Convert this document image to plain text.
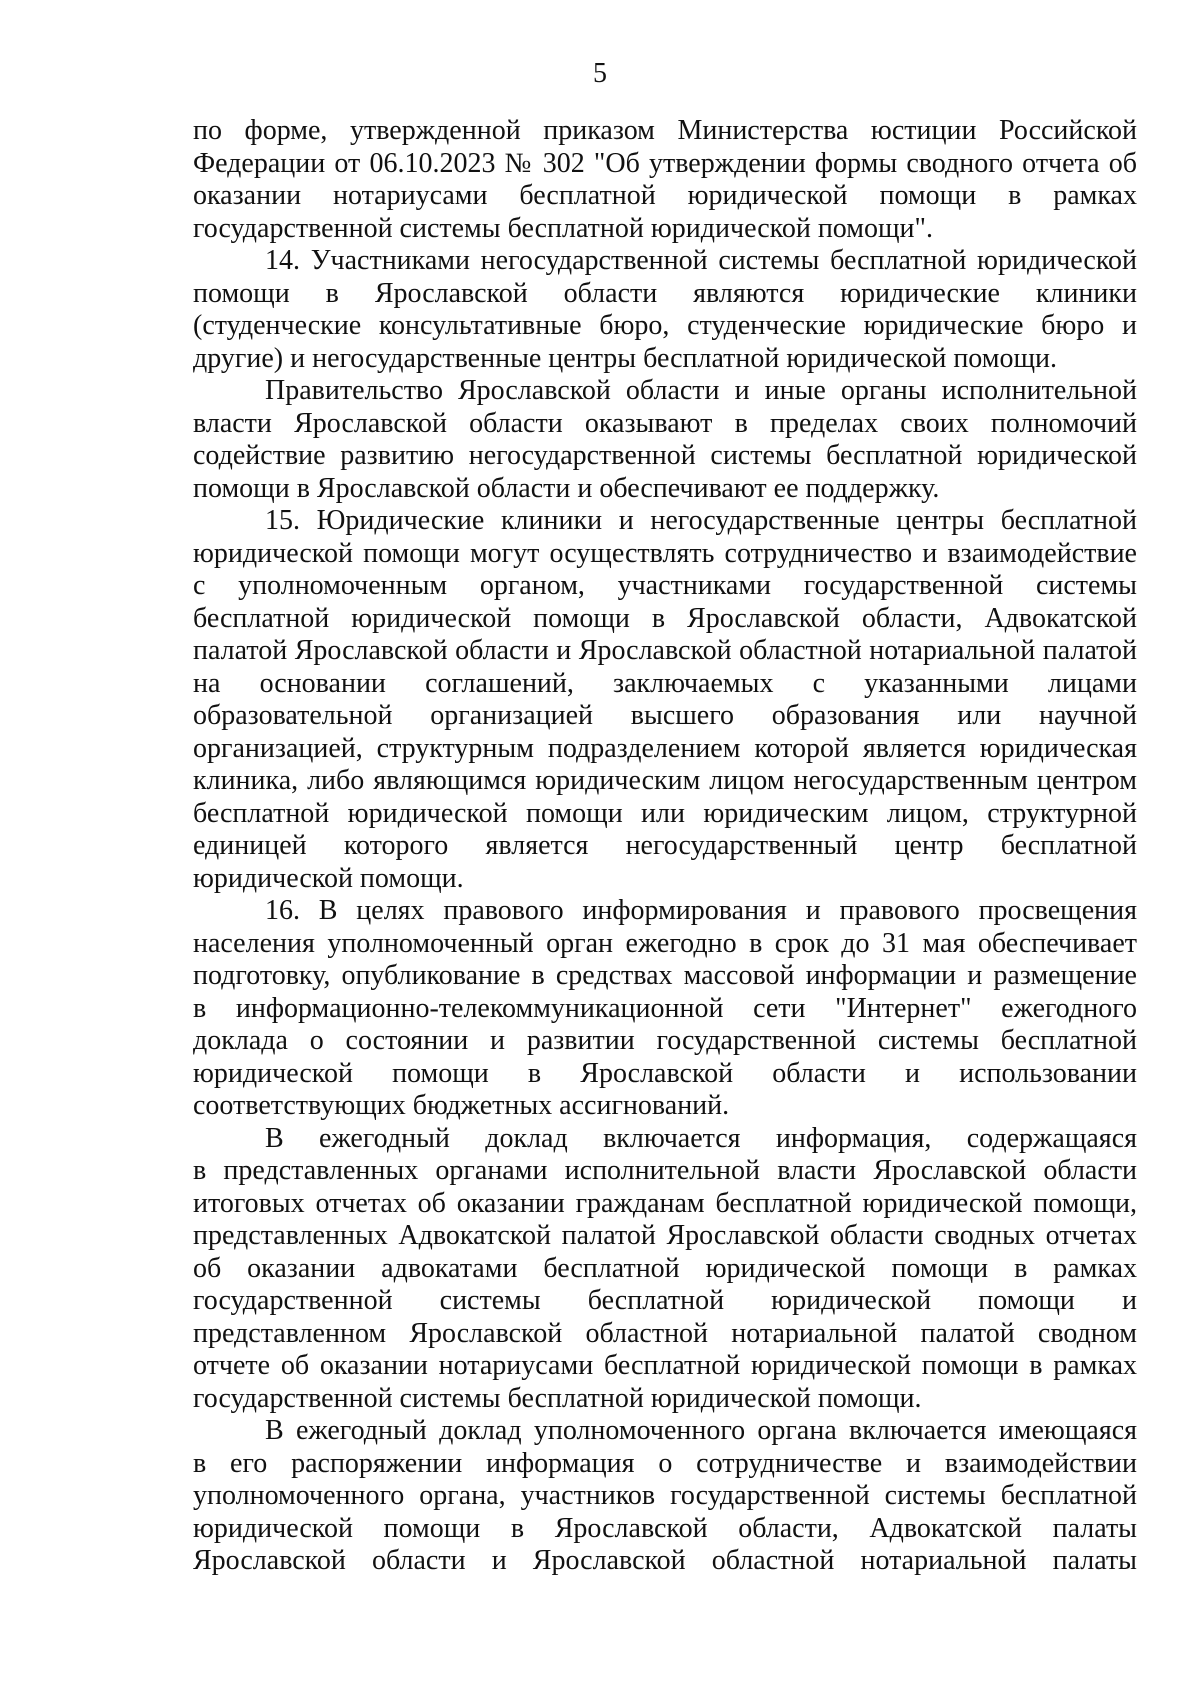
5
по форме, утвержденной приказом Министерства юстиции Российской
Федерации от 06.10.2023 № 302 "Об утверждении формы сводного отчета об
оказании нотариусами бесплатной юридической помощи в рамках
государственной системы бесплатной юридической помощи".
14. Участниками негосударственной системы бесплатной юридической
помощи в Ярославской области являются юридические клиники
(студенческие консультативные бюро, студенческие юридические бюро и
другие) и негосударственные центры бесплатной юридической помощи.
Правительство Ярославской области и иные органы исполнительной
власти Ярославской области оказывают в пределах своих полномочий
содействие развитию негосударственной системы бесплатной юридической
помощи в Ярославской области и обеспечивают ее поддержку.
15. Юридические клиники и негосударственные центры бесплатной
юридической помощи могут осуществлять сотрудничество и взаимодействие
с уполномоченным органом, участниками государственной системы
бесплатной юридической помощи в Ярославской области, Адвокатской
палатой Ярославской области и Ярославской областной нотариальной палатой
на основании соглашений, заключаемых с указанными лицами
образовательной организацией высшего образования или научной
организацией, структурным подразделением которой является юридическая
клиника, либо являющимся юридическим лицом негосударственным центром
бесплатной юридической помощи или юридическим лицом, структурной
единицей которого является негосударственный центр бесплатной
юридической помощи.
16. В целях правового информирования и правового просвещения
населения уполномоченный орган ежегодно в срок до 31 мая обеспечивает
подготовку, опубликование в средствах массовой информации и размещение
в информационно-телекоммуникационной сети "Интернет" ежегодного
доклада о состоянии и развитии государственной системы бесплатной
юридической помощи в Ярославской области и использовании
соответствующих бюджетных ассигнований.
В ежегодный доклад включается информация, содержащаяся
в представленных органами исполнительной власти Ярославской области
итоговых отчетах об оказании гражданам бесплатной юридической помощи,
представленных Адвокатской палатой Ярославской области сводных отчетах
об оказании адвокатами бесплатной юридической помощи в рамках
государственной системы бесплатной юридической помощи и
представленном Ярославской областной нотариальной палатой сводном
отчете об оказании нотариусами бесплатной юридической помощи в рамках
государственной системы бесплатной юридической помощи.
В ежегодный доклад уполномоченного органа включается имеющаяся
в его распоряжении информация о сотрудничестве и взаимодействии
уполномоченного органа, участников государственной системы бесплатной
юридической помощи в Ярославской области, Адвокатской палаты
Ярославской области и Ярославской областной нотариальной палаты
